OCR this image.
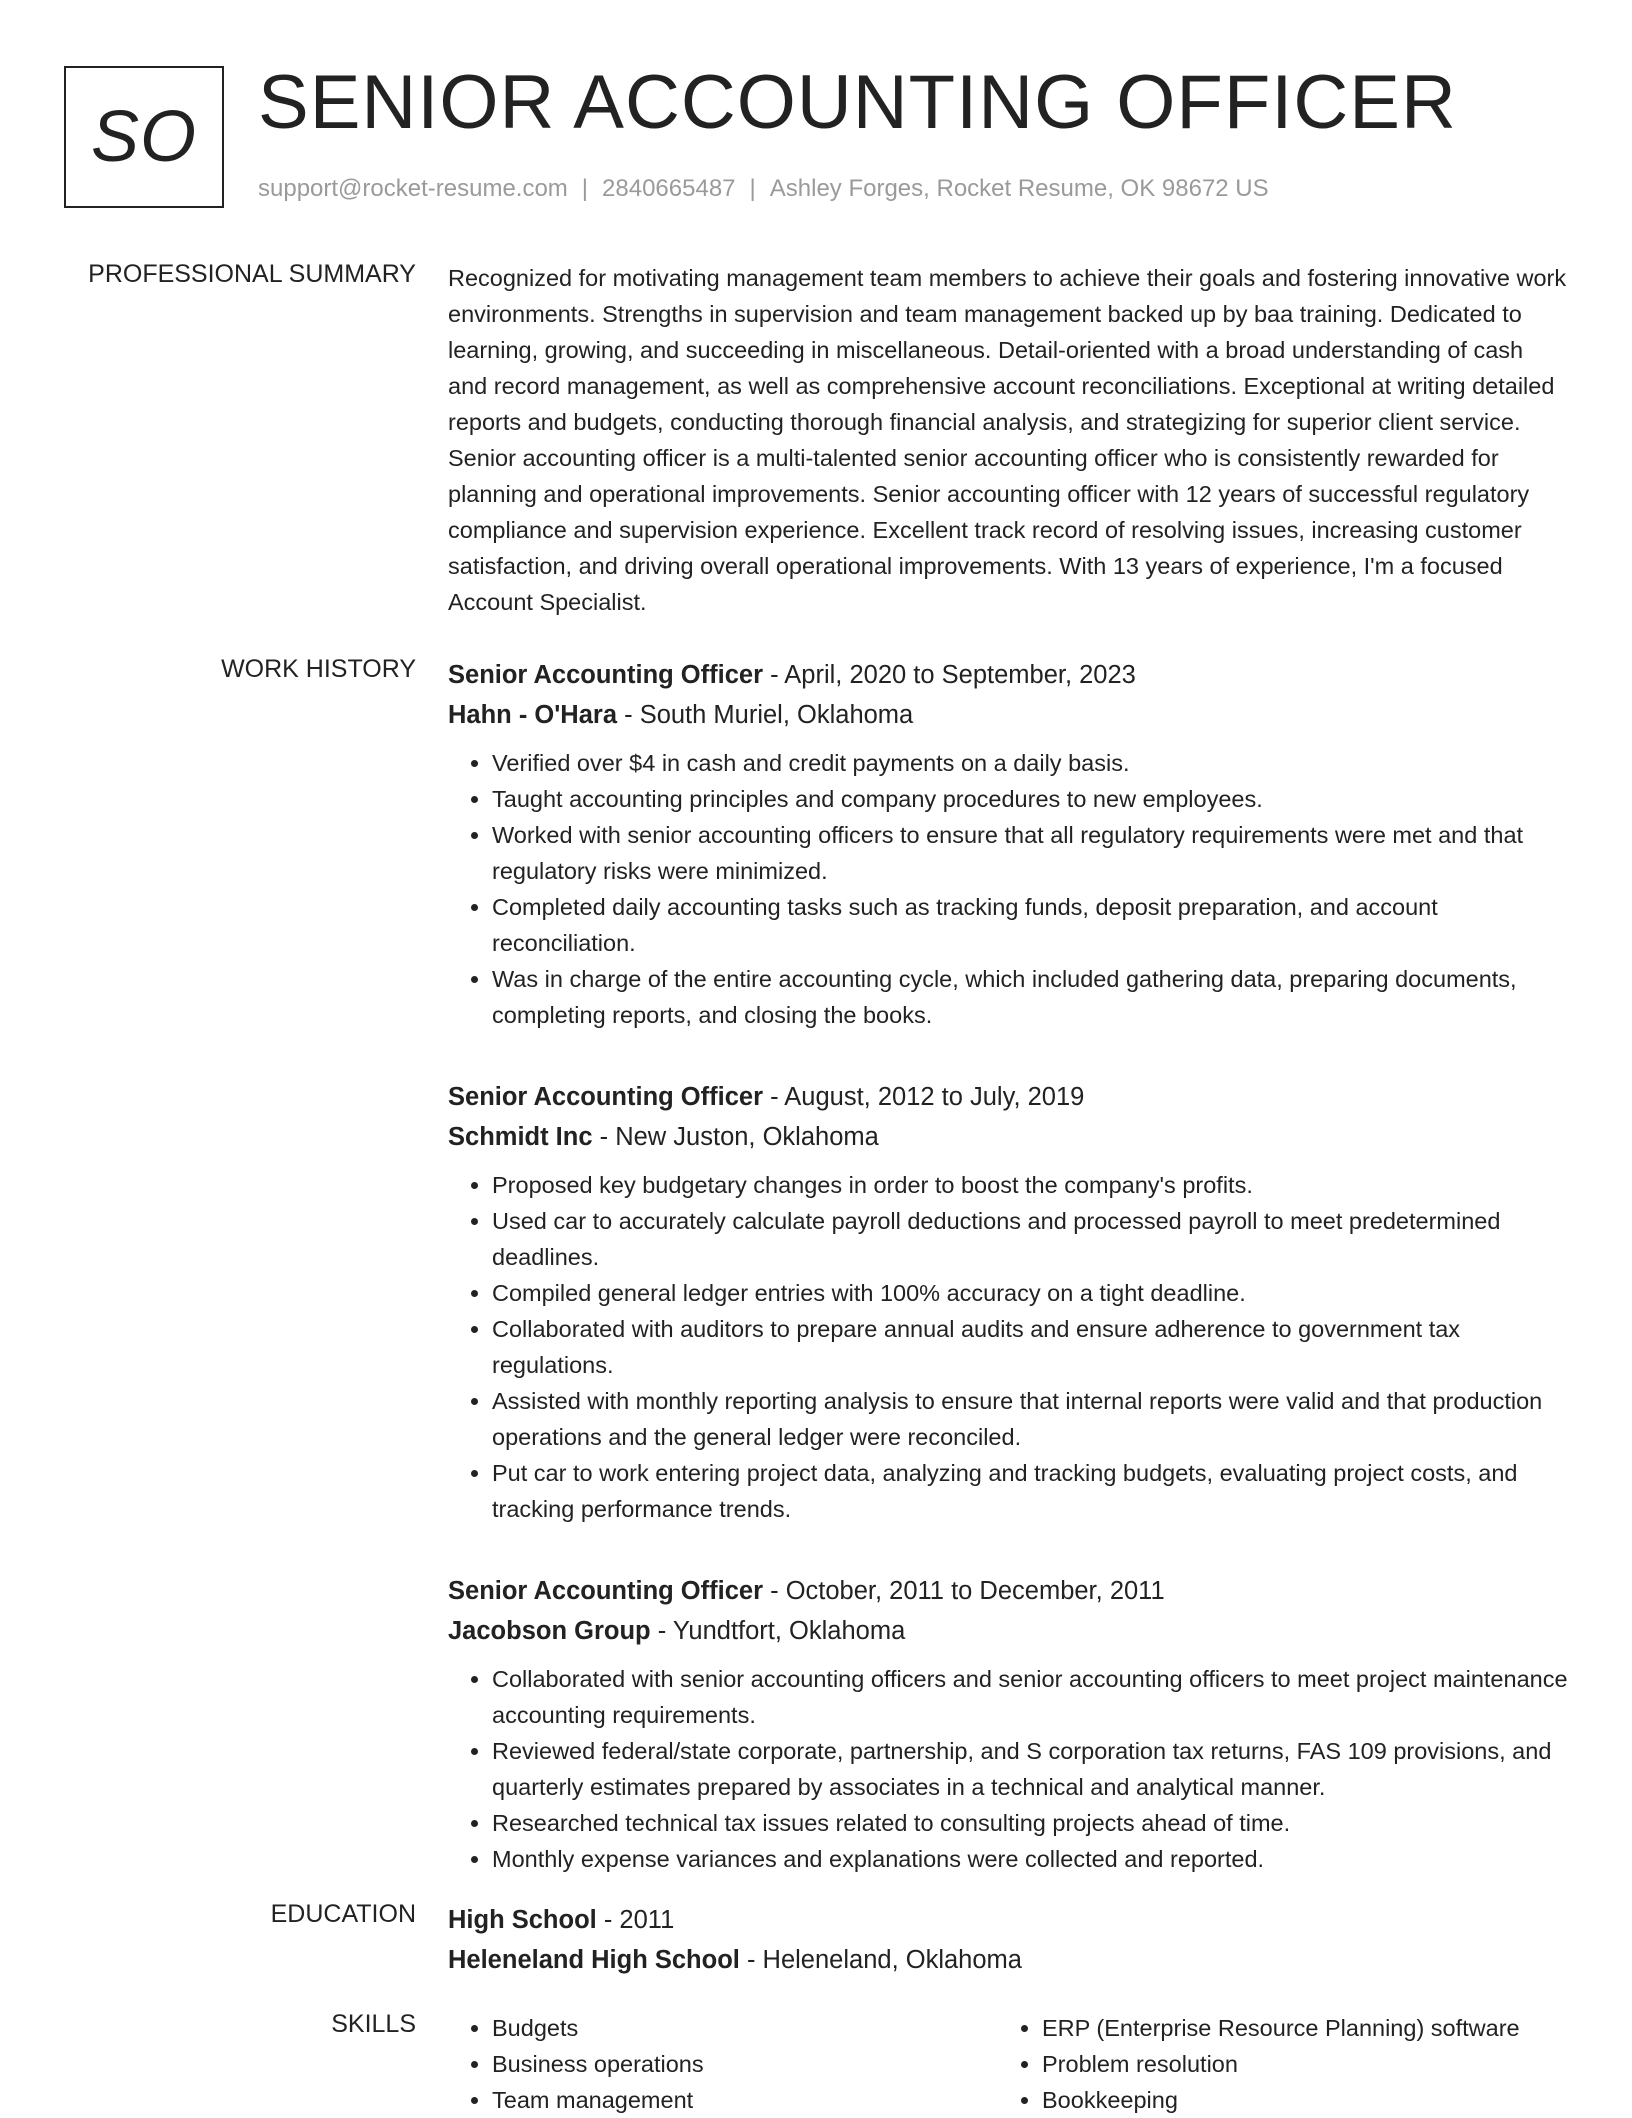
SO SENIOR ACCOUNTING OFFICER
support@rocket-resume.com | 2840665487 | Ashley Forges, Rocket Resume, OK 98672 US
PROFESSIONAL SUMMARY Recognized for motivating management team members to achieve their goals and fostering innovative work environments. Strengths in supervision and team management backed up by baa training. Dedicated to learning, growing, and succeeding in miscellaneous. Detail-oriented with a broad understanding of cash and record management, as well as comprehensive account reconciliations. Exceptional at writing detailed reports and budgets, conducting thorough financial analysis, and strategizing for superior client service. Senior accounting officer is a multi-talented senior accounting officer who is consistently rewarded for planning and operational improvements. Senior accounting officer with 12 years of successful regulatory compliance and supervision experience. Excellent track record of resolving issues, increasing customer satisfaction, and driving overall operational improvements. With 13 years of experience, I'm a focused Account Specialist.

WORK HISTORY Senior Accounting Officer - April, 2020 to September, 2023
Hahn - O'Hara - South Muriel, Oklahoma
• Verified over $4 in cash and credit payments on a daily basis.
• Taught accounting principles and company procedures to new employees.
• Worked with senior accounting officers to ensure that all regulatory requirements were met and that regulatory risks were minimized.
• Completed daily accounting tasks such as tracking funds, deposit preparation, and account reconciliation.
• Was in charge of the entire accounting cycle, which included gathering data, preparing documents, completing reports, and closing the books.
Senior Accounting Officer - August, 2012 to July, 2019
Schmidt Inc - New Juston, Oklahoma
• Proposed key budgetary changes in order to boost the company's profits.
• Used car to accurately calculate payroll deductions and processed payroll to meet predetermined deadlines.
• Compiled general ledger entries with 100% accuracy on a tight deadline.
• Collaborated with auditors to prepare annual audits and ensure adherence to government tax regulations.
• Assisted with monthly reporting analysis to ensure that internal reports were valid and that production operations and the general ledger were reconciled.
• Put car to work entering project data, analyzing and tracking budgets, evaluating project costs, and tracking performance trends.
Senior Accounting Officer - October, 2011 to December, 2011
Jacobson Group - Yundtfort, Oklahoma
• Collaborated with senior accounting officers and senior accounting officers to meet project maintenance accounting requirements.
• Reviewed federal/state corporate, partnership, and S corporation tax returns, FAS 109 provisions, and quarterly estimates prepared by associates in a technical and analytical manner.
• Researched technical tax issues related to consulting projects ahead of time.
• Monthly expense variances and explanations were collected and reported.
EDUCATION High School - 2011
Heleneland High School - Heleneland, Oklahoma
SKILLS
•	Budgets
• Business operations
• Team management
• ERP (Enterprise Resource Planning) software
• Problem resolution
• Bookkeeping
